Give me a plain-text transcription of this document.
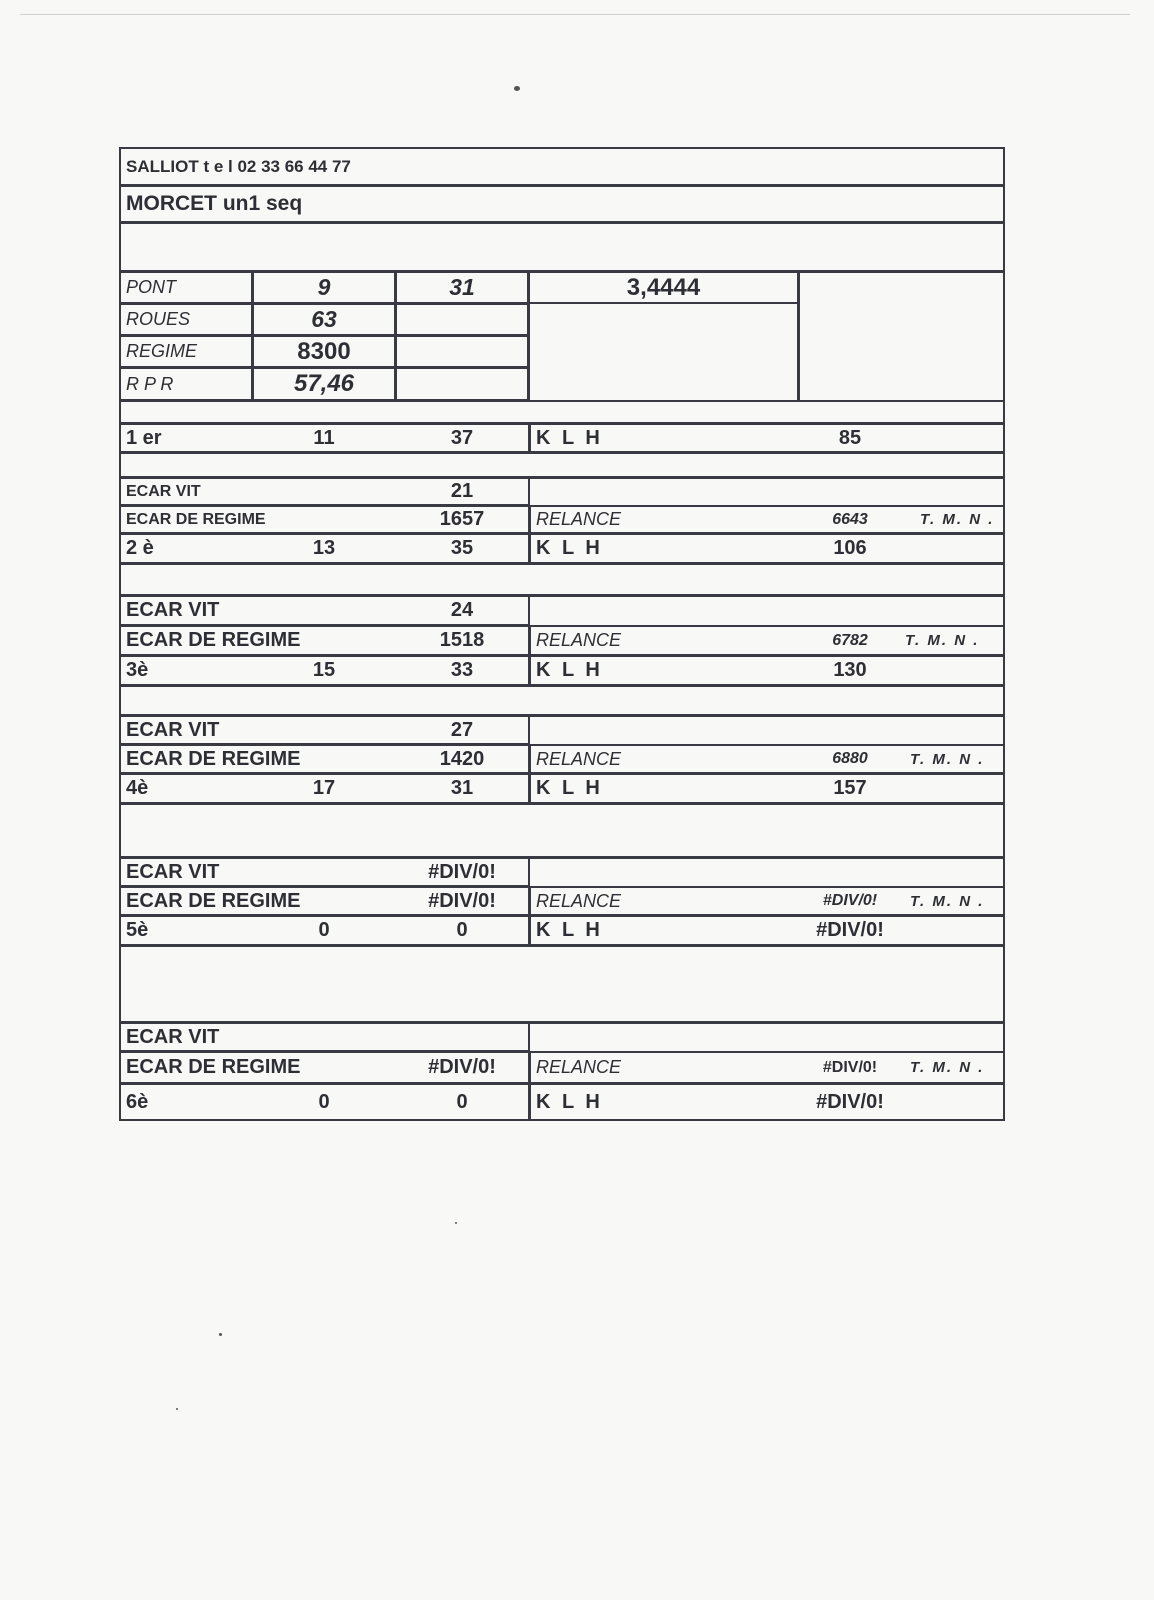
SALLIOT t e l 02 33 66 44 77
MORCET un1 seq
PONT	9	31	3,4444
ROUES	63
REGIME	8300
R P R	57,46
1 er	11	37	K L H	85
ECAR VIT	21
ECAR DE REGIME	1657	RELANCE	6643	T. M. N .
2 è	13	35	K L H	106
ECAR VIT	24
ECAR DE REGIME	1518	RELANCE	6782	T. M. N .
3è	15	33	K L H	130
ECAR VIT	27
ECAR DE REGIME	1420	RELANCE	6880	T. M. N .
4è	17	31	K L H	157
ECAR VIT	#DIV/0!
ECAR DE REGIME	#DIV/0!	RELANCE	#DIV/0!	T. M. N .
5è	0	0	K L H	#DIV/0!
ECAR VIT
ECAR DE REGIME	#DIV/0!	RELANCE	#DIV/0!	T. M. N .
6è	0	0	K L H	#DIV/0!
